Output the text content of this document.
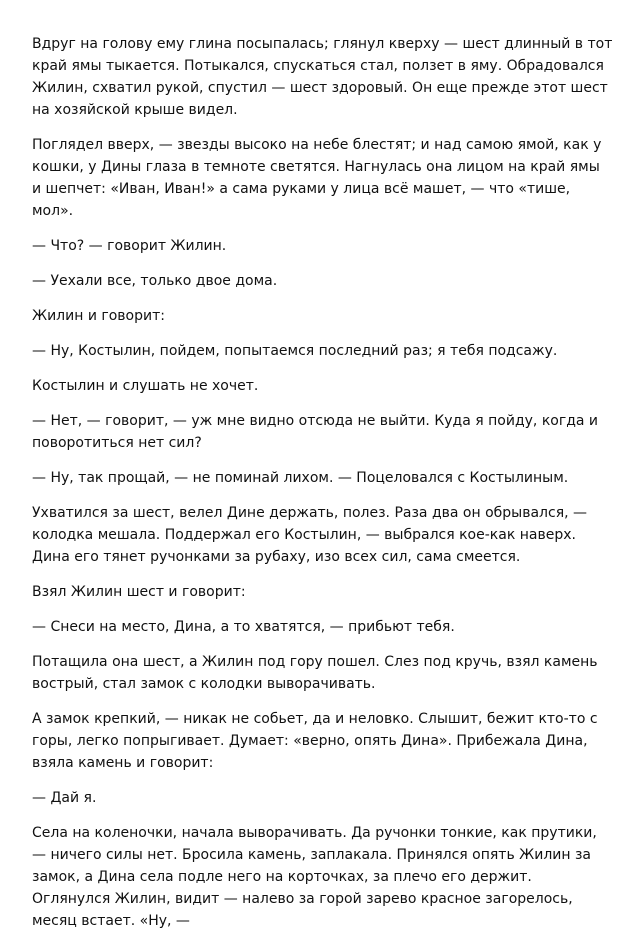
Вдруг на голову ему глина посыпалась; глянул кверху — шест длинный в тот край ямы тыкается. Потыкался, спускаться стал, ползет в яму. Обрадовался Жилин, схватил рукой, спустил — шест здоровый. Он еще прежде этот шест на хозяйской крыше видел.

Поглядел вверх, — звезды высоко на небе блестят; и над самою ямой, как у кошки, у Дины глаза в темноте светятся. Нагнулась она лицом на край ямы и шепчет: «Иван, Иван!» а сама руками у лица всё машет, — что «тише, мол».

— Что? — говорит Жилин.

— Уехали все, только двое дома.

Жилин и говорит:

— Ну, Костылин, пойдем, попытаемся последний раз; я тебя подсажу.

Костылин и слушать не хочет.

— Нет, — говорит, — уж мне видно отсюда не выйти. Куда я пойду, когда и поворотиться нет сил?

— Ну, так прощай, — не поминай лихом. — Поцеловался с Костылиным.

Ухватился за шест, велел Дине держать, полез. Раза два он обрывался, — колодка мешала. Поддержал его Костылин, — выбрался кое-как наверх. Дина его тянет ручонками за рубаху, изо всех сил, сама смеется.

Взял Жилин шест и говорит:

— Снеси на место, Дина, а то хватятся, — прибьют тебя.

Потащила она шест, а Жилин под гору пошел. Слез под кручь, взял камень вострый, стал замок с колодки выворачивать.

А замок крепкий, — никак не собьет, да и неловко. Слышит, бежит кто-то с горы, легко попрыгивает. Думает: «верно, опять Дина». Прибежала Дина, взяла камень и говорит:

— Дай я.

Села на коленочки, начала выворачивать. Да ручонки тонкие, как прутики, — ничего силы нет. Бросила камень, заплакала. Принялся опять Жилин за замок, а Дина села подле него на корточках, за плечо его держит. Оглянулся Жилин, видит — налево за горой зарево красное загорелось, месяц встает. «Ну, —
